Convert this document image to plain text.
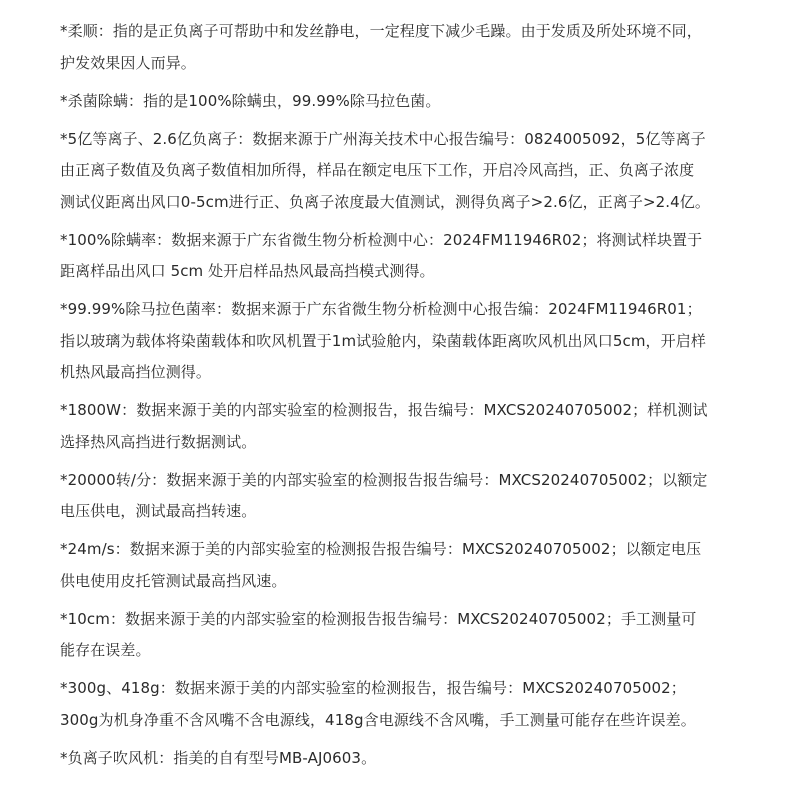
*柔顺：指的是正负离子可帮助中和发丝静电，一定程度下减少毛躁。由于发质及所处环境不同，
护发效果因人而异。

*杀菌除螨：指的是100%除螨虫，99.99%除马拉色菌。

*5亿等离子、2.6亿负离子：数据来源于广州海关技术中心报告编号：0824005092，5亿等离子
由正离子数值及负离子数值相加所得，样品在额定电压下工作，开启冷风高挡，正、负离子浓度
测试仪距离出风口0-5cm进行正、负离子浓度最大值测试，测得负离子>2.6亿，正离子>2.4亿。

*100%除螨率：数据来源于广东省微生物分析检测中心：2024FM11946R02；将测试样块置于
距离样品出风口 5cm 处开启样品热风最高挡模式测得。

*99.99%除马拉色菌率：数据来源于广东省微生物分析检测中心报告编：2024FM11946R01；
指以玻璃为载体将染菌载体和吹风机置于1m试验舱内，染菌载体距离吹风机出风口5cm，开启样
机热风最高挡位测得。

*1800W：数据来源于美的内部实验室的检测报告，报告编号：MXCS20240705002；样机测试
选择热风高挡进行数据测试。

*20000转/分：数据来源于美的内部实验室的检测报告报告编号：MXCS20240705002；以额定
电压供电，测试最高挡转速。

*24m/s：数据来源于美的内部实验室的检测报告报告编号：MXCS20240705002；以额定电压
供电使用皮托管测试最高挡风速。

*10cm：数据来源于美的内部实验室的检测报告报告编号：MXCS20240705002；手工测量可
能存在误差。

*300g、418g：数据来源于美的内部实验室的检测报告，报告编号：MXCS20240705002；
300g为机身净重不含风嘴不含电源线，418g含电源线不含风嘴，手工测量可能存在些许误差。

*负离子吹风机：指美的自有型号MB-AJ0603。
